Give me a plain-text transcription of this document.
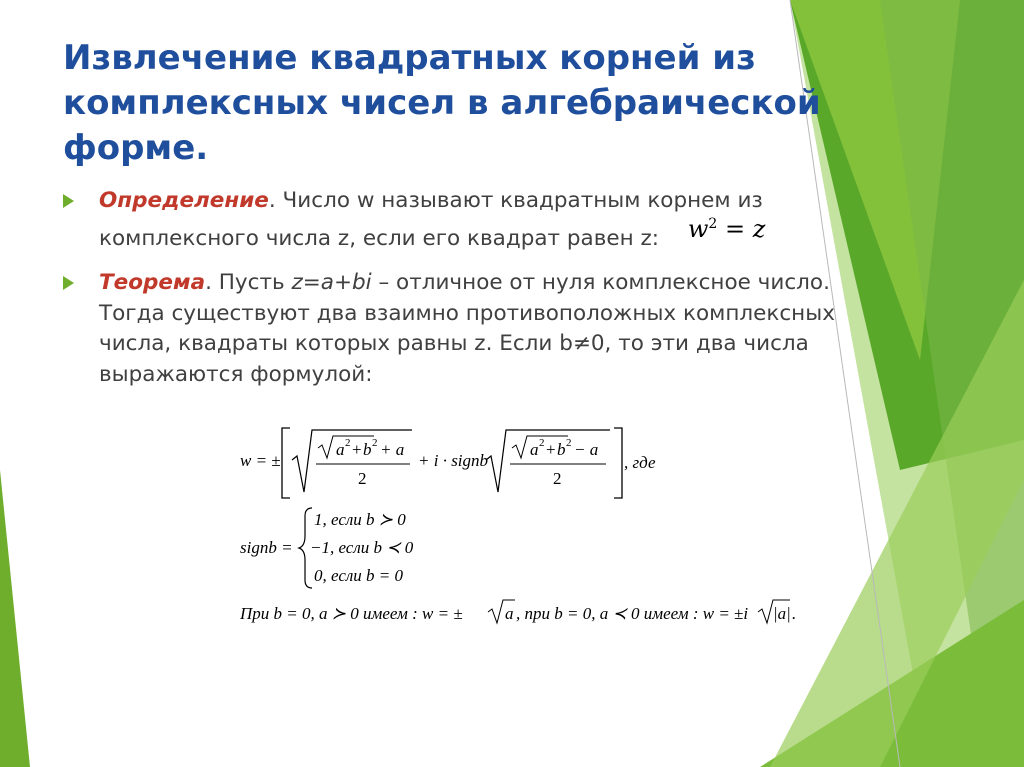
Извлечение квадратных корней из
комплексных чисел в алгебраической
форме.
Определение. Число w называют квадратным корнем из
комплексного числа z, если его квадрат равен z: $w^2 = z$
Теорема. Пусть z=a+bi – отличное от нуля комплексное число.
Тогда существуют два взаимно противоположных комплексных
числа, квадраты которых равны z. Если b≠0, то эти два числа
выражаются формулой:
w = ±
a 2 + b 2 + a
2
+ i · signb
a 2 + b 2 − a
2
, где
signb =
1, если b ≻ 0
−1, если b ≺ 0
0, если b = 0
При b = 0, a ≻ 0 имеем : w = ± a , при b = 0, a ≺ 0 имеем : w = ±i |a| .
